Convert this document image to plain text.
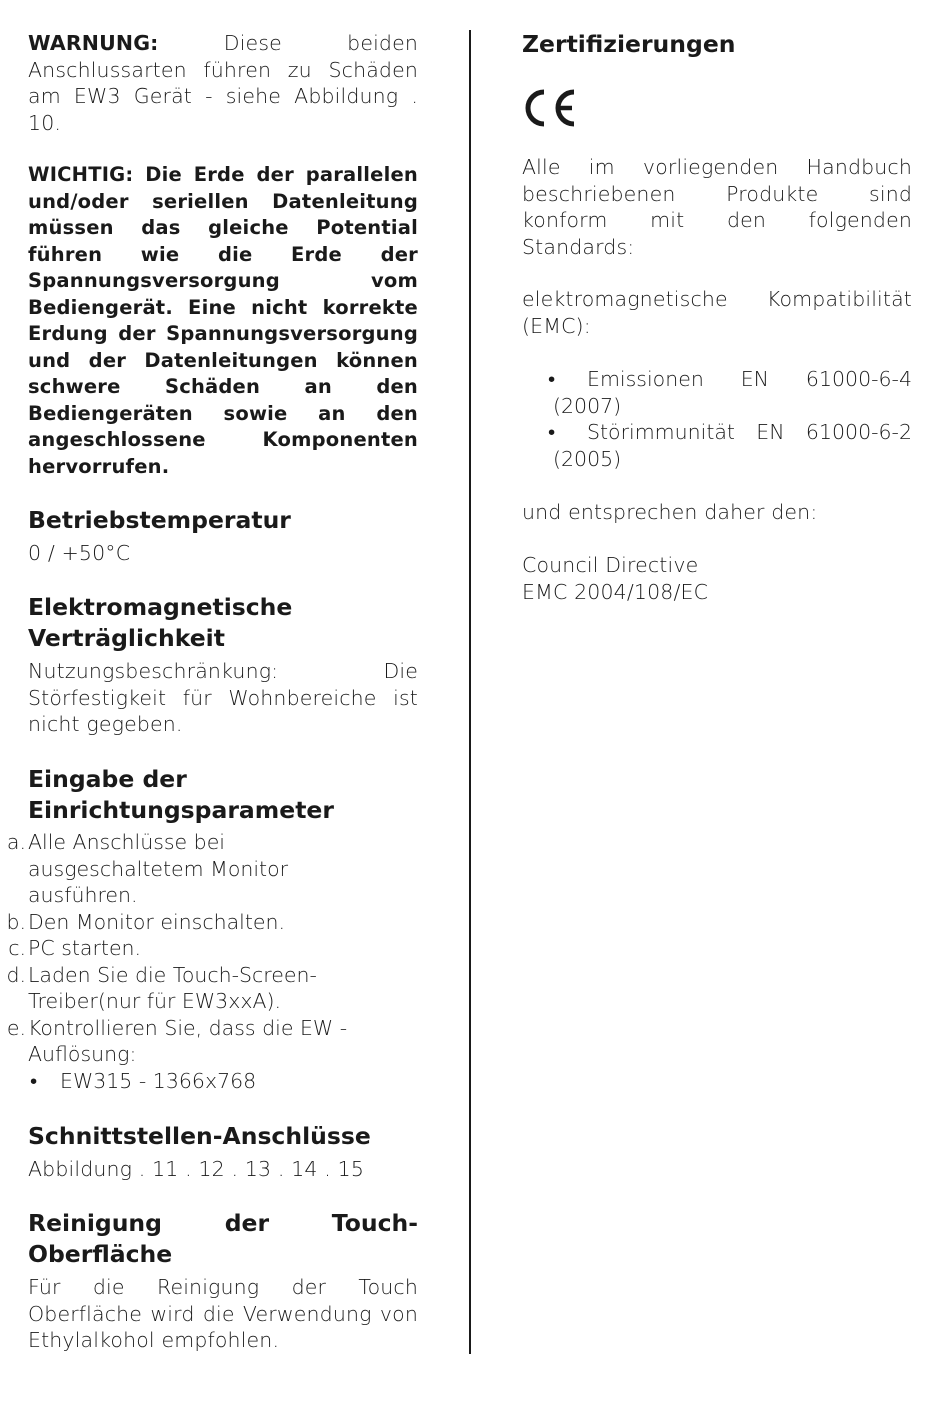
WARNUNG:	Diese beiden Anschlussarten führen zu Schäden am EW3 Gerät - siehe Abbildung . 10.

WICHTIG: Die Erde der parallelen und/oder seriellen Datenleitung müssen das gleiche Potential führen wie die Erde der Spannungsversorgung vom Bediengerät. Eine nicht korrekte Erdung der Spannungsversorgung und der Datenleitungen können schwere Schäden an den Bediengeräten sowie an den angeschlossene Komponenten hervorrufen.

Betriebstemperatur

0 / +50°C

Elektromagnetische Verträglichkeit

Nutzungsbeschränkung: Die Störfestigkeit für Wohnbereiche ist nicht gegeben.

Eingabe der Einrichtungsparameter
a. Alle Anschlüsse bei ausgeschaltetem Monitor ausführen.
b. Den Monitor einschalten.
c. PC starten.
d. Laden Sie die Touch-Screen-Treiber(nur für EW3xxA).
e. Kontrollieren Sie, dass die EW -Auflösung:
• EW315 - 1366x768
Schnittstellen-Anschlüsse

Abbildung . 11 . 12 . 13 . 14 . 15

Reinigung	der	Touch-
Oberfläche

Für die Reinigung der Touch Oberfläche wird die Verwendung von Ethylalkohol empfohlen.

Zertifizierungen

Alle im vorliegenden Handbuch beschriebenen Produkte sind konform mit den folgenden Standards:

elektromagnetische Kompatibilität (EMC):

•	Emissionen EN 61000-6-4 (2007)
•	Störimmunität EN 61000-6-2 (2005)

und entsprechen daher den:

Council Directive

EMC 2004/108/EC
